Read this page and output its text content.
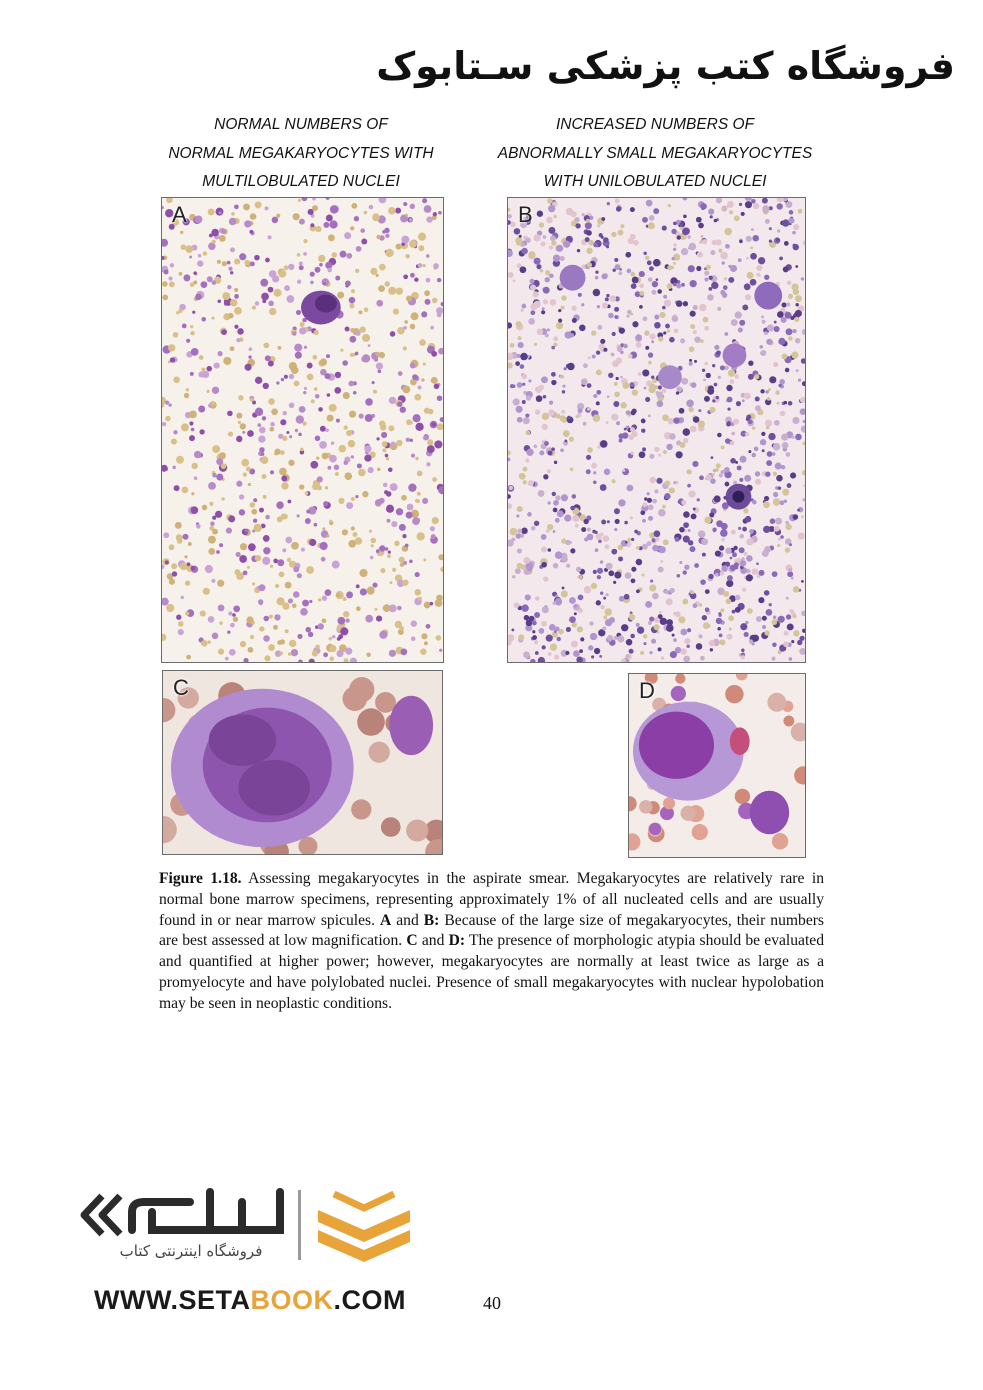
فروشگاه کتب پزشکی سـتابوک
NORMAL NUMBERS OF
NORMAL MEGAKARYOCYTES WITH
MULTILOBULATED NUCLEI
INCREASED NUMBERS OF
ABNORMALLY SMALL MEGAKARYOCYTES
WITH UNILOBULATED NUCLEI
A	B
C	D
Figure 1.18. Assessing megakaryocytes in the aspirate smear. Megakaryocytes are relatively rare in normal bone marrow specimens, representing approximately 1% of all nucleated cells and are usually found in or near marrow spicules. A and B: Because of the large size of megakaryocytes, their numbers are best assessed at low magnification. C and D: The presence of morphologic atypia should be evaluated and quantified at higher power; however, megakaryocytes are normally at least twice as large as a promyelocyte and have polylobated nuclei. Presence of small megakaryocytes with nuclear hypolobation may be seen in neoplastic conditions.
فروشگاه اینترنتی کتاب
WWW.SETABOOK.COM	40
